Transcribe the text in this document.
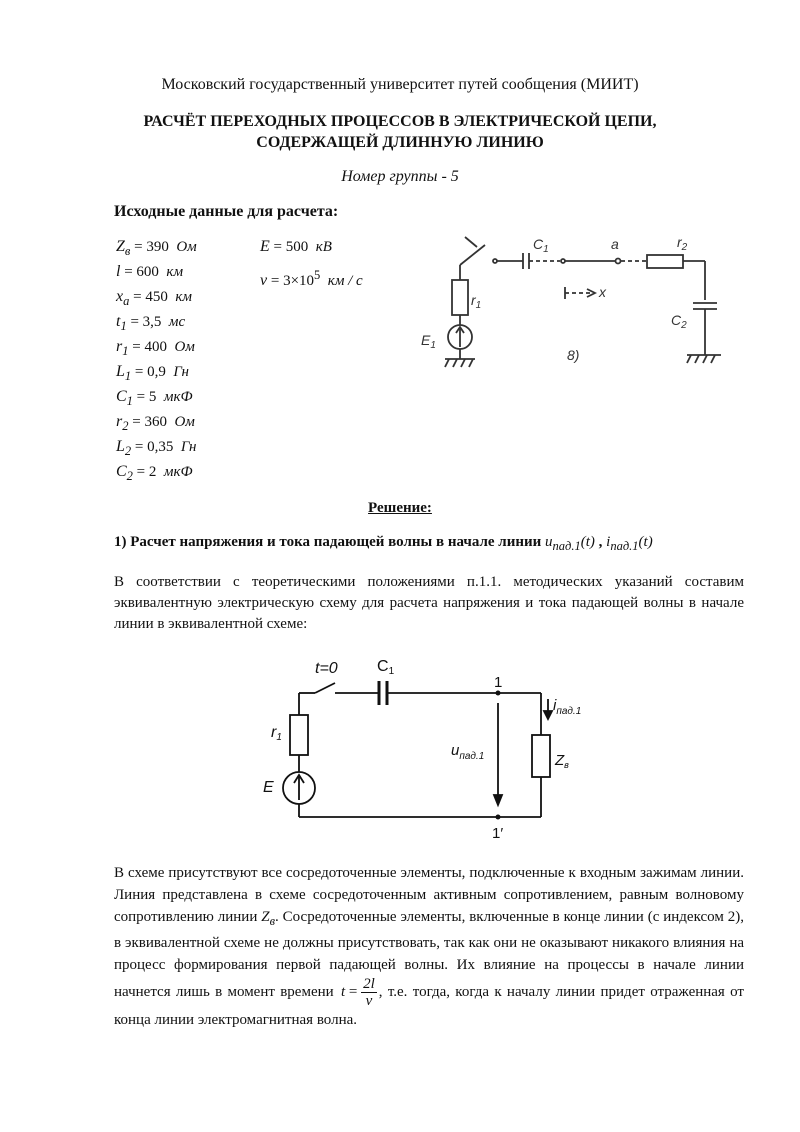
Московский государственный университет путей сообщения (МИИТ)
РАСЧЁТ ПЕРЕХОДНЫХ ПРОЦЕССОВ В ЭЛЕКТРИЧЕСКОЙ ЦЕПИ,
СОДЕРЖАЩЕЙ ДЛИННУЮ ЛИНИЮ
Номер группы - 5
Исходные данные для расчета:
$Z_в = 390$ Ом
l = 600 км
$x_a = 450$ км
$t_1 = 3,5$ мс
$r_1 = 400$ Ом
$L_1 = 0,9$ Гн
$C_1 = 5$ мкФ
$r_2 = 360$ Ом
$L_2 = 0,35$ Гн
$C_2 = 2$ мкФ
E = 500 кВ
$v = 3\times 10^5$ км / с
$C_1$	a	$r_2$
$r_1$
$E_1$
$C_2$
x
8)
Решение:
1) Расчет напряжения и тока падающей волны в начале линии $u_{пад.1}(t)$ , $i_{пад.1}(t)$
В соответствии с теоретическими положениями п.1.1. методических указаний составим эквивалентную электрическую схему для расчета напряжения и тока падающей волны в начале линии в эквивалентной схеме:
t=0 C1
1
1′
r1
E
$u_{пад.1}$
$i_{пад.1}$
$Z_в$
В схеме присутствуют все сосредоточенные элементы, подключенные к входным зажимам линии. Линия представлена в схеме сосредоточенным активным сопротивлением, равным волновому сопротивлению линии $Z_в$. Сосредоточенные элементы, включенные в конце линии (с индексом 2), в эквивалентной схеме не должны присутствовать, так как они не оказывают никакого влияния на процесс формирования первой падающей волны. Их влияние на процессы в начале линии начнется лишь в момент времени $t = \frac{2l}{v}$ , т.е. тогда, когда к началу линии придет отраженная от конца линии электромагнитная волна.
